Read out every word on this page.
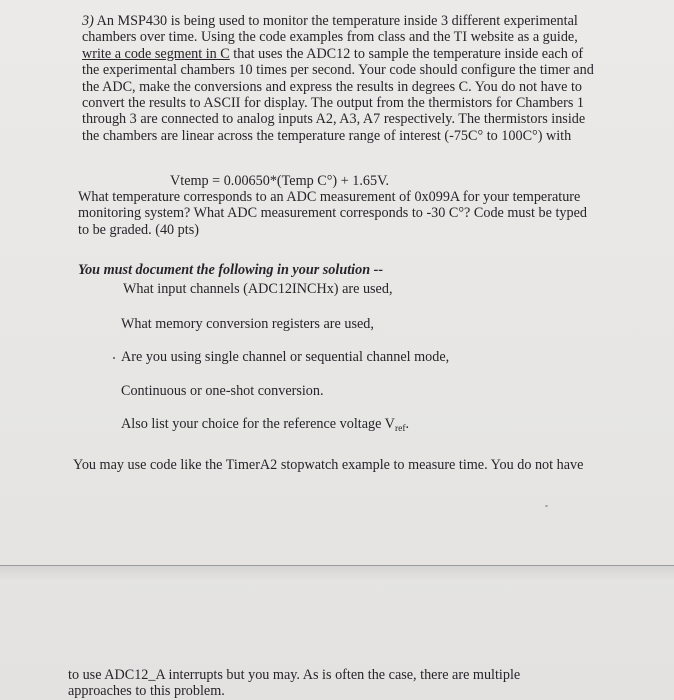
3) An MSP430 is being used to monitor the temperature inside 3 different experimental
chambers over time. Using the code examples from class and the TI website as a guide,
write a code segment in C that uses the ADC12 to sample the temperature inside each of
the experimental chambers 10 times per second. Your code should configure the timer and
the ADC, make the conversions and express the results in degrees C. You do not have to
convert the results to ASCII for display. The output from the thermistors for Chambers 1
through 3 are connected to analog inputs A2, A3, A7 respectively. The thermistors inside
the chambers are linear across the temperature range of interest (-75C° to 100C°) with

Vtemp = 0.00650*(Temp C°) + 1.65V.

What temperature corresponds to an ADC measurement of 0x099A for your temperature
monitoring system? What ADC measurement corresponds to -30 C°? Code must be typed
to be graded. (40 pts)

You must document the following in your solution --
What input channels (ADC12INCHx) are used,
What memory conversion registers are used,
Are you using single channel or sequential channel mode,
Continuous or one-shot conversion.
Also list your choice for the reference voltage $V_{ref}$.
You may use code like the TimerA2 stopwatch example to measure time. You do not have

to use ADC12_A interrupts but you may. As is often the case, there are multiple
approaches to this problem.
